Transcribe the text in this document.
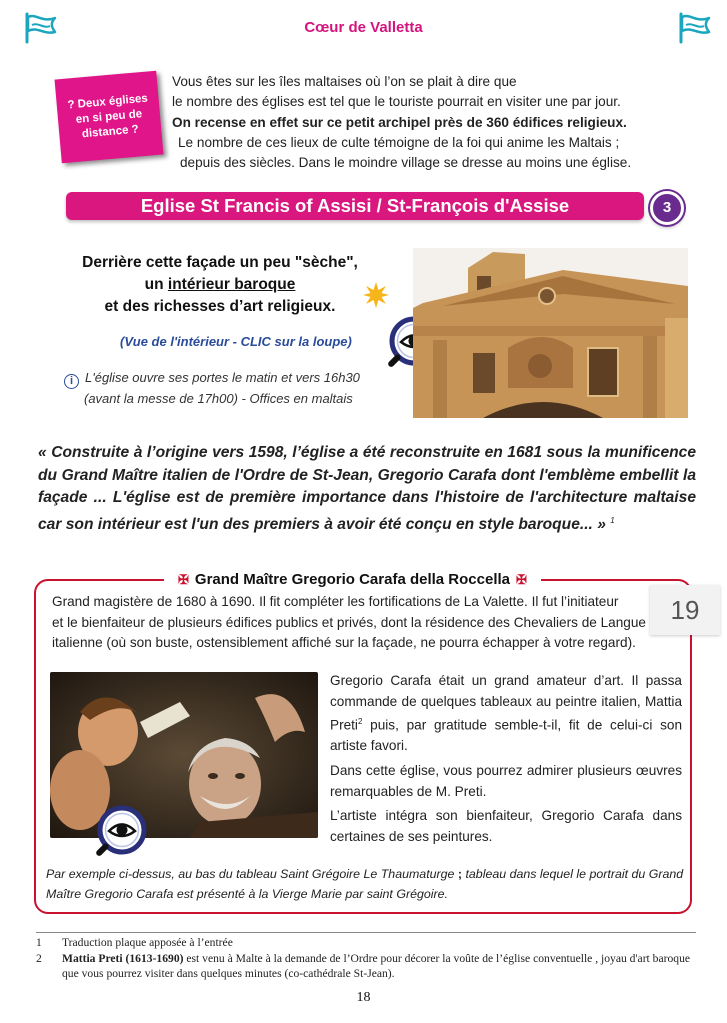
Cœur de Valletta
? Deux églises en si peu de distance ?

Vous êtes sur les îles maltaises où l’on se plait à dire que

le nombre des églises est tel que le touriste pourrait en visiter une par jour.

On recense en effet sur ce petit archipel près de 360 édifices religieux.

Le nombre de ces lieux de culte témoigne de la foi qui anime les Maltais ;

depuis des siècles. Dans le moindre village se dresse au moins une église.

Eglise St Francis of Assisi / St-François d'Assise	3
Derrière cette façade un peu "sèche",
un intérieur baroque
et des richesses d’art religieux.
(Vue de l'intérieur - CLIC sur la loupe)
i L'église ouvre ses portes le matin et vers 16h30
(avant la messe de 17h00) - Offices en maltais
« Construite à l’origine vers 1598, l’église a été reconstruite en 1681 sous la munificence du Grand Maître italien de l'Ordre de St-Jean, Gregorio Carafa dont l'emblème embellit la façade ... L'église est de première importance dans l'histoire de l'architecture maltaise car son intérieur est l'un des premiers à avoir été conçu en style baroque... » $^1$
✠ Grand Maître Gregorio Carafa della Roccella ✠

Grand magistère de 1680 à 1690. Il fit compléter les fortifications de La Valette. Il fut l’initiateur

et le bienfaiteur de plusieurs édifices publics et privés, dont la résidence des Chevaliers de Langue

italienne (où son buste, ostensiblement affiché sur la façade, ne pourra échapper à votre regard).

19

Gregorio Carafa était un grand amateur d’art. Il passa commande de quelques tableaux au peintre italien, Mattia Preti$^2$ puis, par gratitude semble-t-il, fit de celui-ci son artiste favori.

Dans cette église, vous pourrez admirer plusieurs œuvres remarquables de M. Preti.

L’artiste intégra son bienfaiteur, Gregorio Carafa dans certaines de ses peintures.

Par exemple ci-dessus, au bas du tableau Saint Grégoire Le Thaumaturge ; tableau dans lequel le portrait du Grand Maître Gregorio Carafa est présenté à la Vierge Marie par saint Grégoire.
1	Traduction plaque apposée à l’entrée
2	Mattia Preti (1613-1690) est venu à Malte à la demande de l’Ordre pour décorer la voûte de l’église conventuelle , joyau d'art baroque que vous pourrez visiter dans quelques minutes (co-cathédrale St-Jean).
18
